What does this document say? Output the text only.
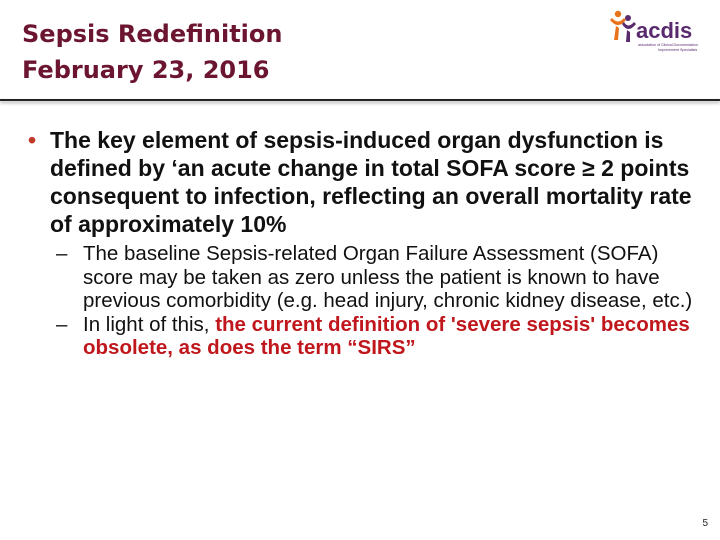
Sepsis Redefinition
February 23, 2016
acdis
association of Clinical Documentation
Improvement Specialists

• The key element of sepsis-induced organ dysfunction is defined by ‘an acute change in total SOFA score ≥ 2 points consequent to infection, reflecting an overall mortality rate of approximately 10%

– The baseline Sepsis-related Organ Failure Assessment (SOFA) score may be taken as zero unless the patient is known to have previous comorbidity (e.g. head injury, chronic kidney disease, etc.)

– In light of this, the current definition of 'severe sepsis' becomes obsolete, as does the term “SIRS”

5
